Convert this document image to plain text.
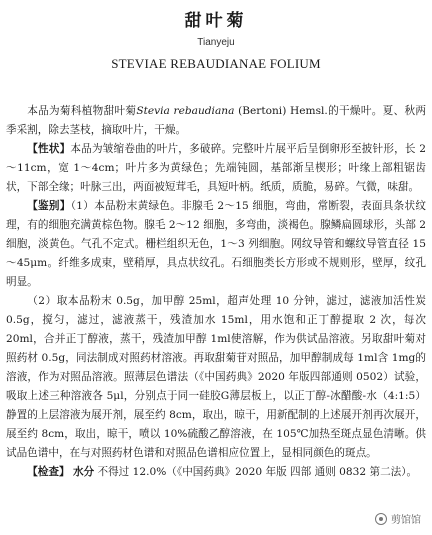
甜叶菊
Tianyeju
STEVIAE REBAUDIANAE FOLIUM

本品为菊科植物甜叶菊Stevia rebaudiana (Bertoni) Hemsl.的干燥叶。夏、秋两季采割，除去茎枝，摘取叶片，干燥。

【性状】本品为皱缩卷曲的叶片，多破碎。完整叶片展平后呈倒卵形至披针形，长 2～11cm，宽 1～4cm；叶片多为黄绿色；先端钝圆，基部渐呈楔形；叶缘上部粗锯齿状，下部全缘；叶脉三出，两面被短茸毛，具短叶柄。纸质，质脆，易碎。气微，味甜。

【鉴别】（1）本品粉末黄绿色。非腺毛 2～15 细胞，弯曲，常断裂，表面具条状纹理，有的细胞充满黄棕色物。腺毛 2～12 细胞，多弯曲，淡褐色。腺鳞扁圆球形，头部 2 细胞，淡黄色。气孔不定式。栅栏组织无色，1～3 列细胞。网纹导管和螺纹导管直径 15～45μm。纤维多成束，壁稍厚，具点状纹孔。石细胞类长方形或不规则形，壁厚，纹孔明显。

（2）取本品粉末 0.5g，加甲醇 25ml，超声处理 10 分钟，滤过，滤液加活性炭 0.5g，搅匀，滤过，滤液蒸干，残渣加水 15ml，用水饱和正丁醇提取 2 次，每次 20ml，合并正丁醇液，蒸干，残渣加甲醇 1ml使溶解，作为供试品溶液。另取甜叶菊对照药材 0.5g，同法制成对照药材溶液。再取甜菊苷对照品，加甲醇制成每 1ml含 1mg的溶液，作为对照品溶液。照薄层色谱法（《中国药典》2020 年版四部通则 0502）试验，吸取上述三种溶液各 5μl，分别点于同一硅胶G薄层板上，以正丁醇-冰醋酸-水（4:1:5）静置的上层溶液为展开剂，展至约 8cm，取出，晾干，用新配制的上述展开剂再次展开，展至约 8cm，取出，晾干，喷以 10%硫酸乙醇溶液，在 105℃加热至斑点显色清晰。供试品色谱中，在与对照药材色谱和对照品色谱相应位置上，显相同颜色的斑点。

【检查】 水分 不得过 12.0%（《中国药典》2020 年版 四部 通则 0832 第二法）。

剪馆馆
